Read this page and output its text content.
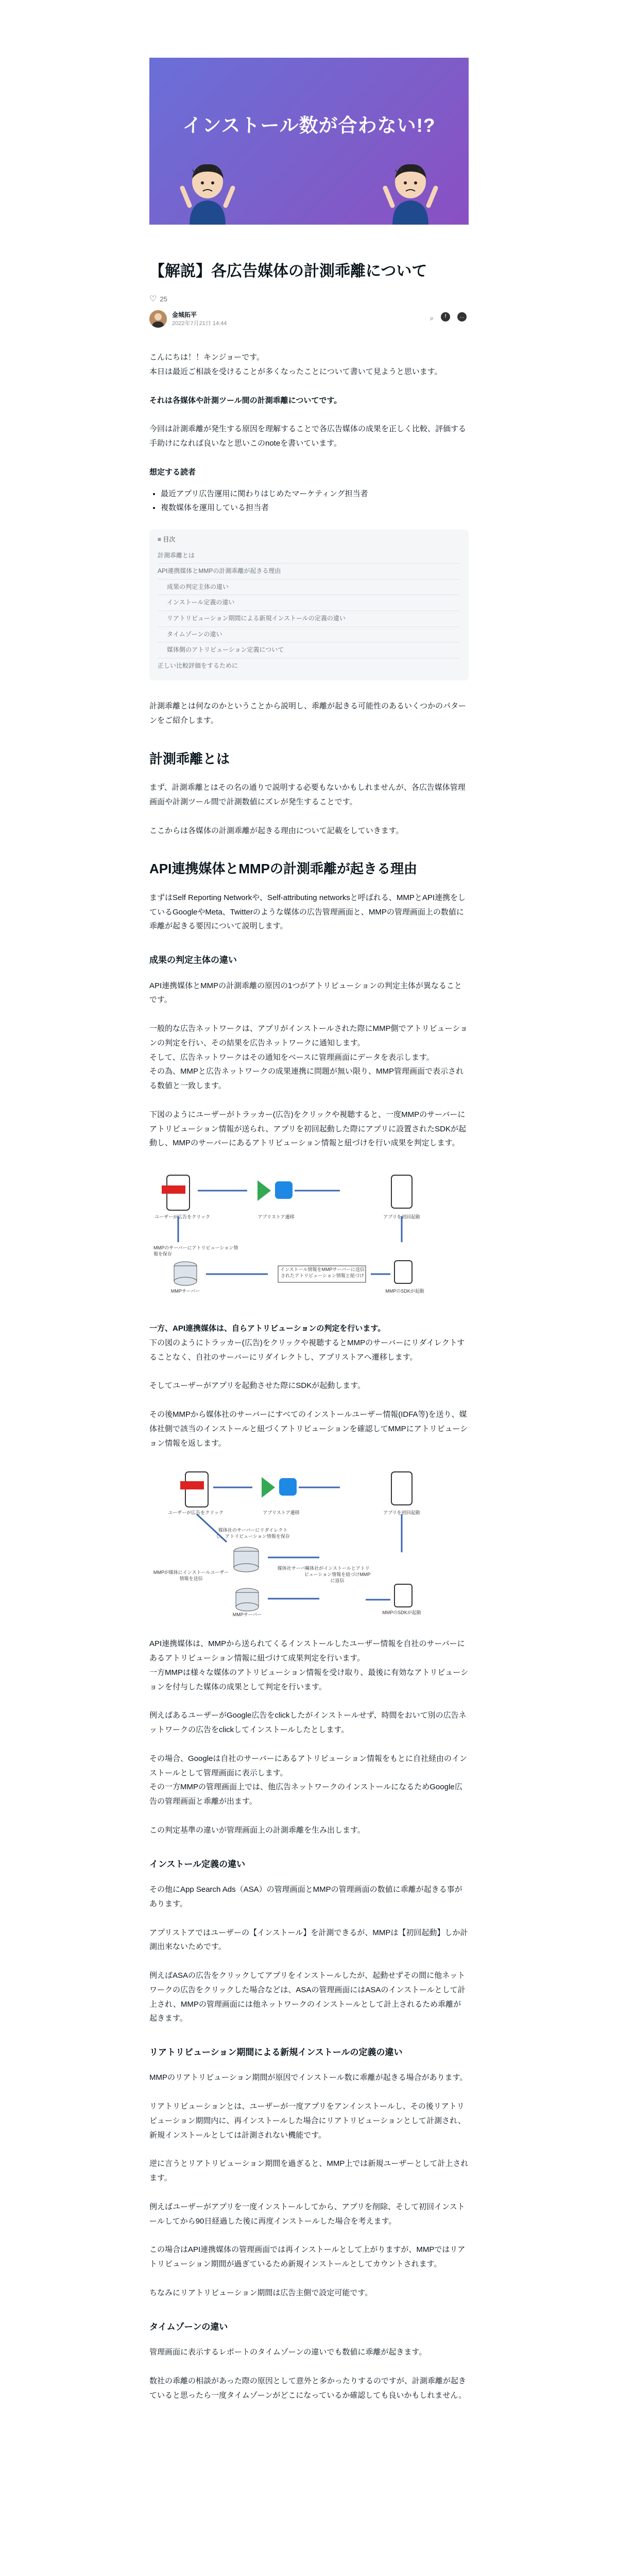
インストール数が合わない!?
【解説】各広告媒体の計測乖離について
♡ 25
金城拓平
2022年7月21日 14:44
⌕	f	…

こんにちは！！キンジョーです。
本日は最近ご相談を受けることが多くなったことについて書いて見ようと思います。

それは各媒体や計測ツール間の計測乖離についてです。

今回は計測乖離が発生する原因を理解することで各広告媒体の成果を正しく比較、評価する手助けになれば良いなと思いこのnoteを書いています。

想定する読者

• 最近アプリ広告運用に関わりはじめたマーケティング担当者
• 複数媒体を運用している担当者
≡ 目次
計測乖離とは
API連携媒体とMMPの計測乖離が起きる理由
成果の判定主体の違い
インストール定義の違い
リアトリビューション期間による新規インストールの定義の違い
タイムゾーンの違い
媒体側のアトリビューション定義について
正しい比較評価をするために

計測乖離とは何なのかということから説明し、乖離が起きる可能性のあるいくつかのパターンをご紹介します。

計測乖離とは

まず、計測乖離とはその名の通りで説明する必要もないかもしれませんが、各広告媒体管理画面や計測ツール間で計測数値にズレが発生することです。

ここからは各媒体の計測乖離が起きる理由について記載をしていきます。

API連携媒体とMMPの計測乖離が起きる理由

まずはSelf Reporting Networkや、Self-attributing networksと呼ばれる、MMPとAPI連携をしているGoogleやMeta、Twitterのような媒体の広告管理画面と、MMPの管理画面上の数値に乖離が起きる要因について説明します。

成果の判定主体の違い

API連携媒体とMMPの計測乖離の原因の1つがアトリビューションの判定主体が異なることです。

一般的な広告ネットワークは、アプリがインストールされた際にMMP側でアトリビューションの判定を行い、その結果を広告ネットワークに通知します。
そして、広告ネットワークはその通知をベースに管理画面にデータを表示します。
その為、MMPと広告ネットワークの成果連携に問題が無い限り、MMP管理画面で表示される数値と一致します。

下図のようにユーザーがトラッカー(広告)をクリックや視聴すると、一度MMPのサーバーにアトリビューション情報が送られ、アプリを初回起動した際にアプリに設置されたSDKが起動し、MMPのサーバーにあるアトリビューション情報と紐づけを行い成果を判定します。

ユーザーが広告をクリック	アプリストア遷移	アプリを初回起動
MMPのサーバーにアトリビューション情報を保存
MMPサーバー
インストール情報をMMPサーバーに送信されたアトリビューション情報と紐づけ
MMPのSDKが起動

一方、API連携媒体は、自らアトリビューションの判定を行います。
下の図のようにトラッカー(広告)をクリックや視聴するとMMPのサーバーにリダイレクトすることなく、自社のサーバーにリダイレクトし、アプリストアへ遷移します。

そしてユーザーがアプリを起動させた際にSDKが起動します。

その後MMPから媒体社のサーバーにすべてのインストールユーザー情報(IDFA等)を送り、媒体社側で該当のインストールと紐づくアトリビューションを確認してMMPにアトリビューション情報を返します。

ユーザーが広告をクリック	アプリストア遷移	アプリを初回起動
媒体社のサーバーにリダイレクトし、アトリビューション情報を保存
媒体社サーバー
MMPが媒体にインストールユーザー情報を送信
媒体社がインストールとアトリビューション情報を紐づけMMPに返信
MMPサーバー	MMPのSDKが起動

API連携媒体は、MMPから送られてくるインストールしたユーザー情報を自社のサーバーにあるアトリビューション情報に紐づけて成果判定を行います。
一方MMPは様々な媒体のアトリビューション情報を受け取り、最後に有効なアトリビューションを付与した媒体の成果として判定を行います。

例えばあるユーザーがGoogle広告をclickしたがインストールせず、時間をおいて別の広告ネットワークの広告をclickしてインストールしたとします。

その場合、Googleは自社のサーバーにあるアトリビューション情報をもとに自社経由のインストールとして管理画面に表示します。
その一方MMPの管理画面上では、他広告ネットワークのインストールになるためGoogle広告の管理画面と乖離が出ます。

この判定基準の違いが管理画面上の計測乖離を生み出します。

インストール定義の違い

その他にApp Search Ads（ASA）の管理画面とMMPの管理画面の数値に乖離が起きる事があります。

アプリストアではユーザーの【インストール】を計測できるが、MMPは【初回起動】しか計測出来ないためです。

例えばASAの広告をクリックしてアプリをインストールしたが、起動せずその間に他ネットワークの広告をクリックした場合などは、ASAの管理画面にはASAのインストールとして計上され、MMPの管理画面には他ネットワークのインストールとして計上されるため乖離が起きます。

リアトリビューション期間による新規インストールの定義の違い

MMPのリアトリビューション期間が原因でインストール数に乖離が起きる場合があります。

リアトリビューションとは、ユーザーが一度アプリをアンインストールし、その後リアトリビューション期間内に、再インストールした場合にリアトリビューションとして計測され、新規インストールとしては計測されない機能です。

逆に言うとリアトリビューション期間を過ぎると、MMP上では新規ユーザーとして計上されます。

例えばユーザーがアプリを一度インストールしてから、アプリを削除、そして初回インストールしてから90日経過した後に再度インストールした場合を考えます。

この場合はAPI連携媒体の管理画面では再インストールとして上がりますが、MMPではリアトリビューション期間が過ぎているため新規インストールとしてカウントされます。

ちなみにリアトリビューション期間は広告主側で設定可能です。

タイムゾーンの違い

管理画面に表示するレポートのタイムゾーンの違いでも数値に乖離が起きます。

数社の乖離の相談があった際の原因として意外と多かったりするのですが、計測乖離が起きていると思ったら一度タイムゾーンがどこになっているか確認しても良いかもしれません。
